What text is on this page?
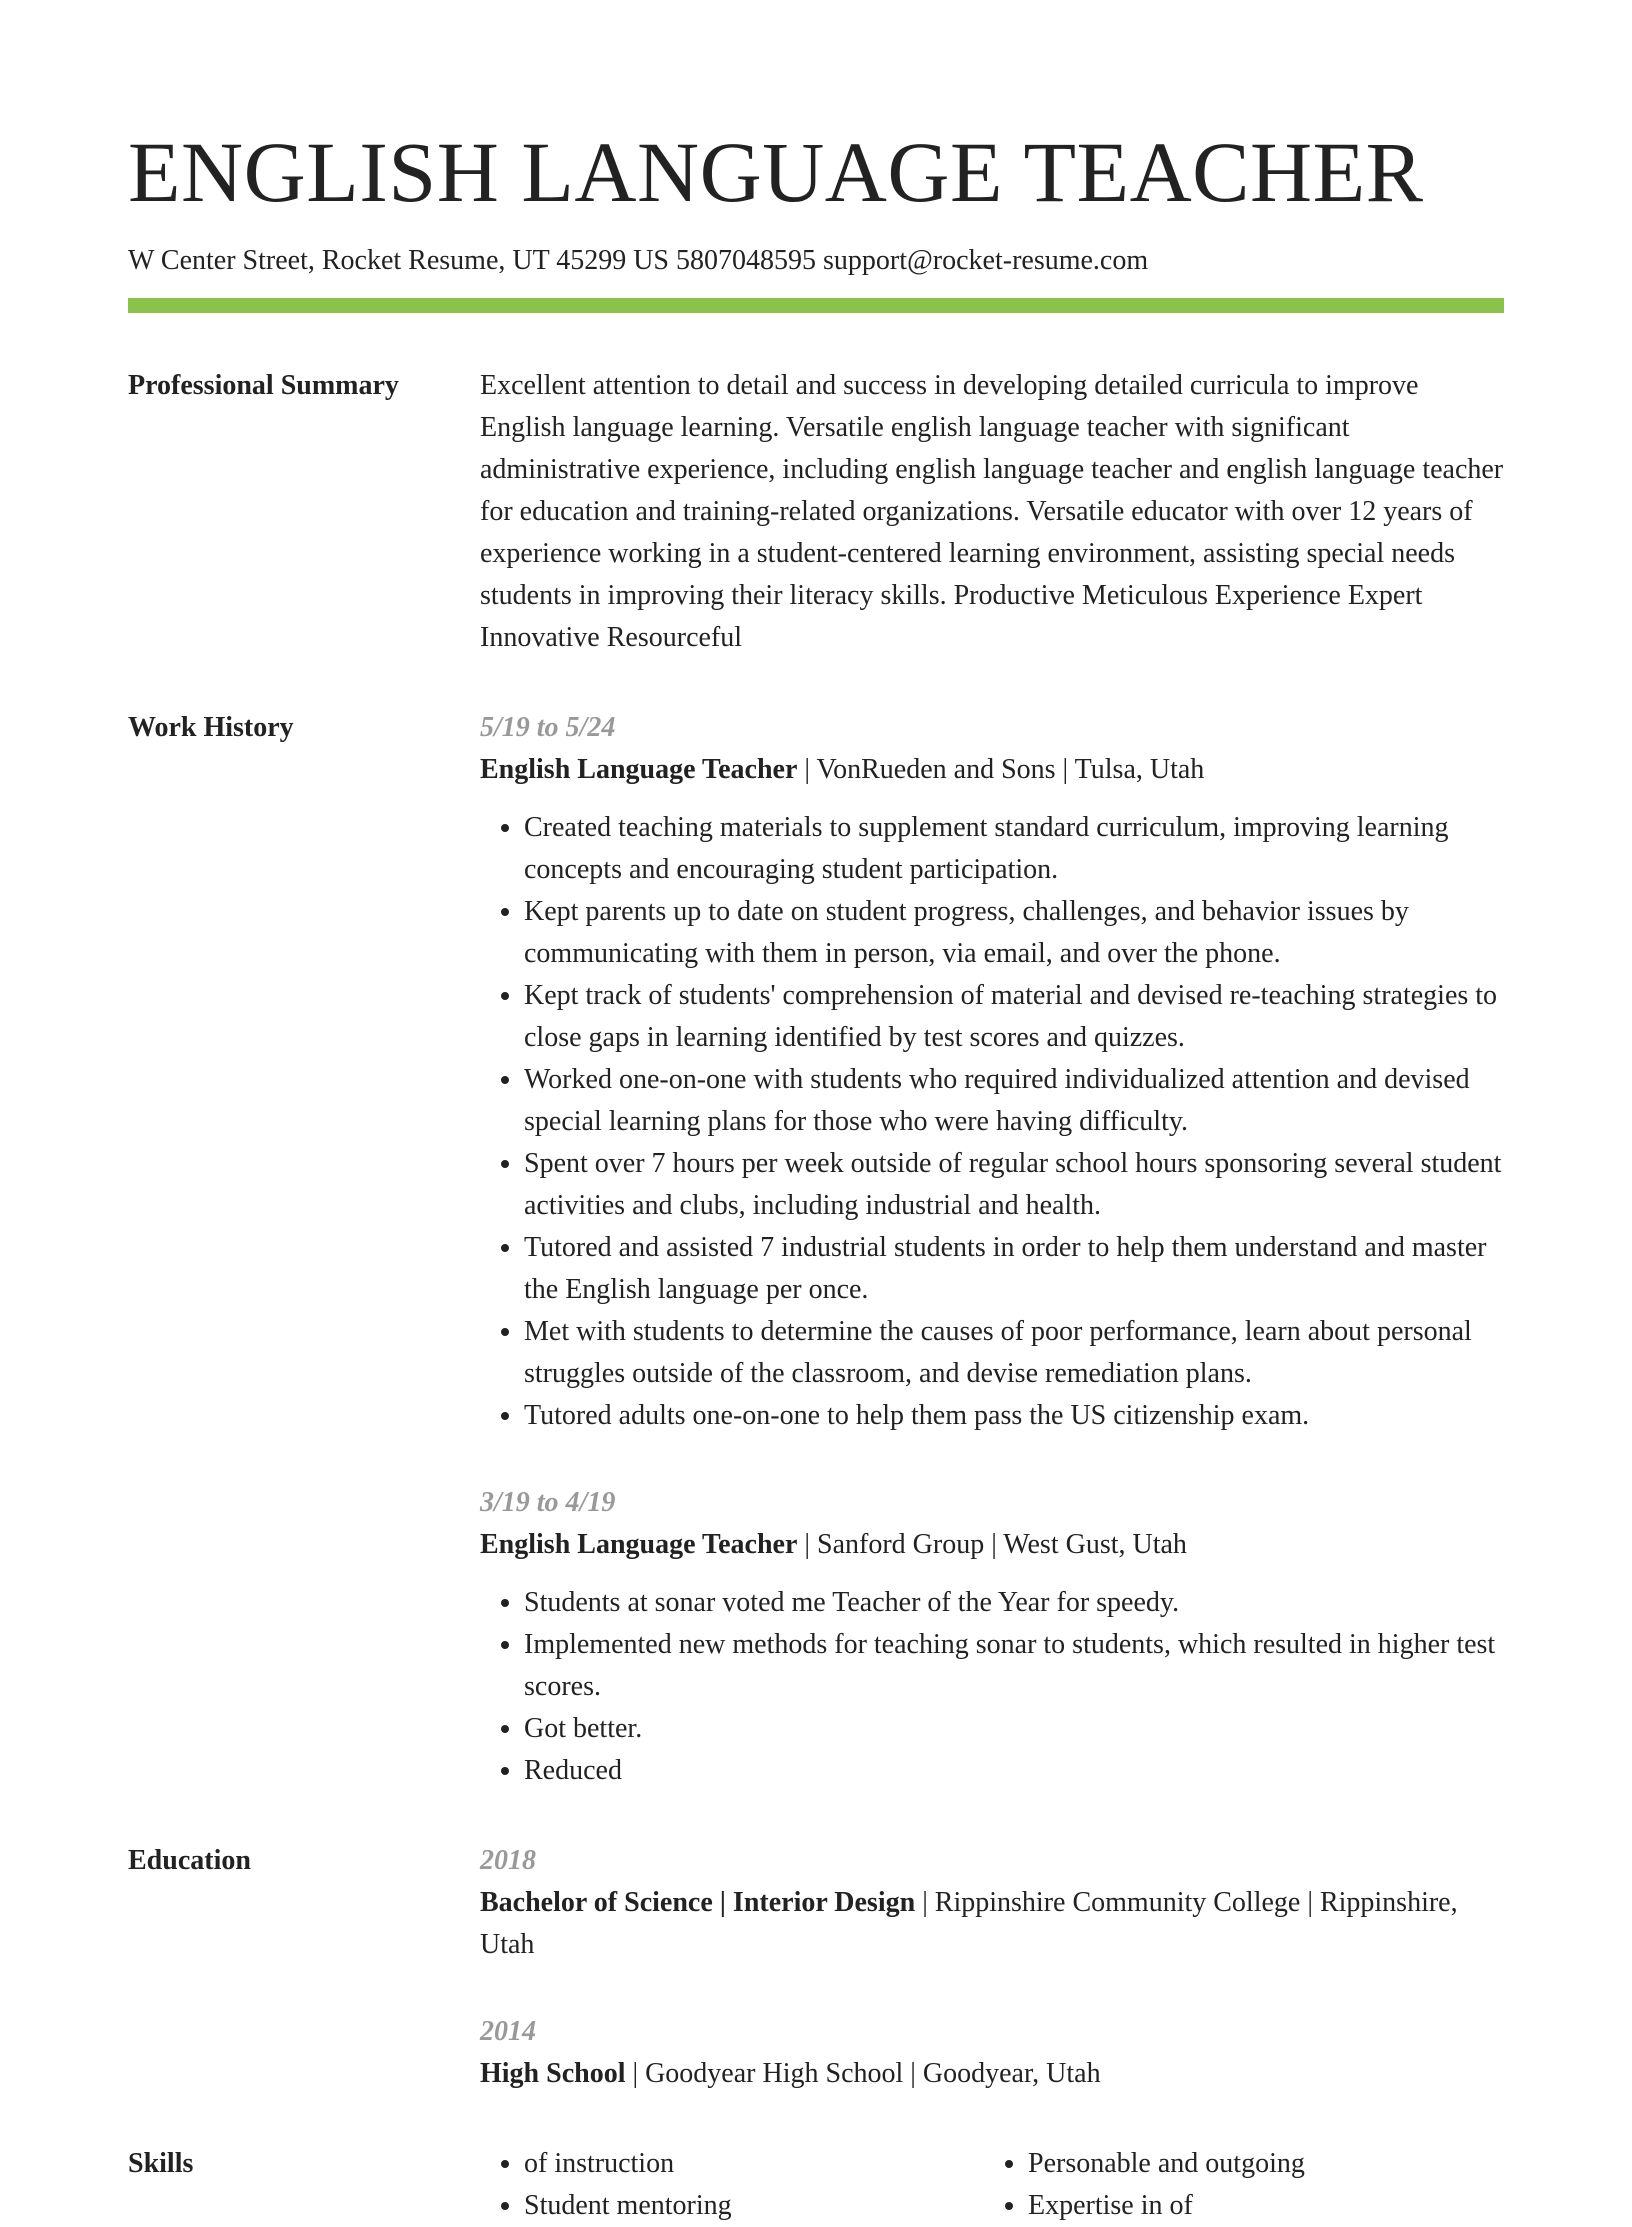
ENGLISH LANGUAGE TEACHER
W Center Street, Rocket Resume, UT 45299 US 5807048595 support@rocket-resume.com
Professional Summary	Excellent attention to detail and success in developing detailed curricula to improve English language learning. Versatile english language teacher with significant administrative experience, including english language teacher and english language teacher for education and training-related organizations. Versatile educator with over 12 years of experience working in a student-centered learning environment, assisting special needs students in improving their literacy skills. Productive Meticulous Experience Expert Innovative Resourceful

Work History	5/19 to 5/24
English Language Teacher | VonRueden and Sons | Tulsa, Utah
• Created teaching materials to supplement standard curriculum, improving learning concepts and encouraging student participation.
• Kept parents up to date on student progress, challenges, and behavior issues by communicating with them in person, via email, and over the phone.
• Kept track of students' comprehension of material and devised re-teaching strategies to close gaps in learning identified by test scores and quizzes.
• Worked one-on-one with students who required individualized attention and devised special learning plans for those who were having difficulty.
• Spent over 7 hours per week outside of regular school hours sponsoring several student activities and clubs, including industrial and health.
• Tutored and assisted 7 industrial students in order to help them understand and master the English language per once.
• Met with students to determine the causes of poor performance, learn about personal struggles outside of the classroom, and devise remediation plans.
• Tutored adults one-on-one to help them pass the US citizenship exam.
3/19 to 4/19
English Language Teacher | Sanford Group | West Gust, Utah
• Students at sonar voted me Teacher of the Year for speedy.
• Implemented new methods for teaching sonar to students, which resulted in higher test scores.
• Got better.
• Reduced
Education	2018
Bachelor of Science | Interior Design | Rippinshire Community College | Rippinshire, Utah
2014
High School | Goodyear High School | Goodyear, Utah
Skills
•	of instruction
• Student mentoring
• Personable and outgoing
• Expertise in of
